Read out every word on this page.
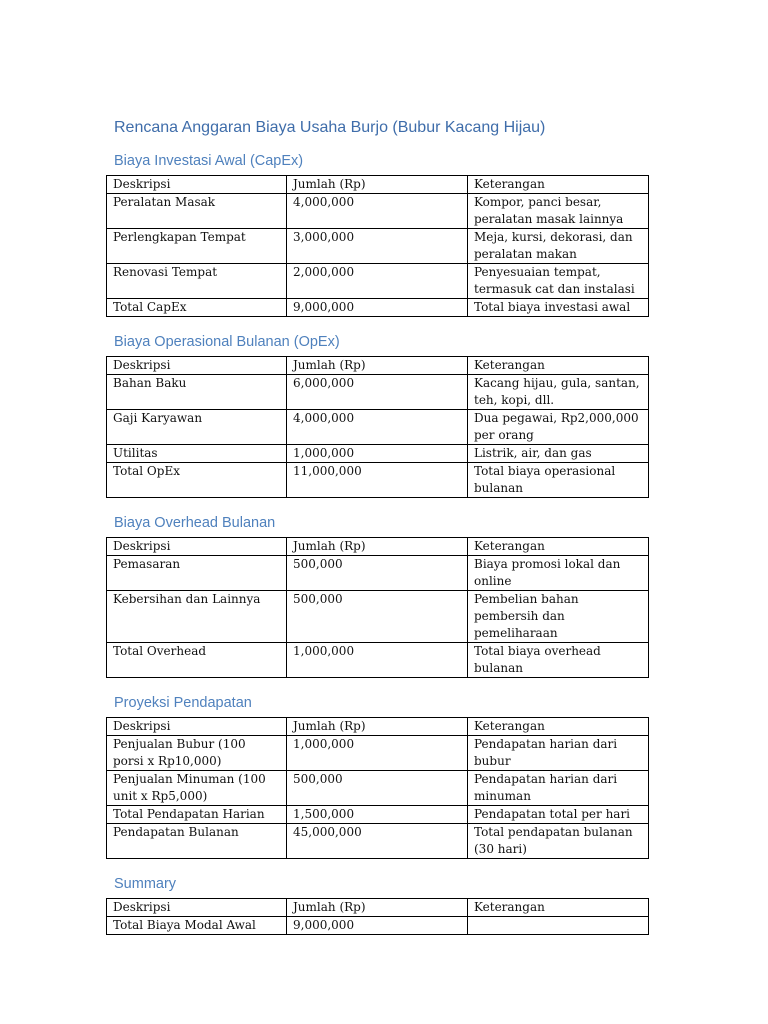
Rencana Anggaran Biaya Usaha Burjo (Bubur Kacang Hijau)
Biaya Investasi Awal (CapEx)
Deskripsi	Jumlah (Rp)	Keterangan
Peralatan Masak	4,000,000	Kompor, panci besar, peralatan masak lainnya
Perlengkapan Tempat	3,000,000	Meja, kursi, dekorasi, dan peralatan makan
Renovasi Tempat	2,000,000	Penyesuaian tempat, termasuk cat dan instalasi
Total CapEx	9,000,000	Total biaya investasi awal
Biaya Operasional Bulanan (OpEx)
Deskripsi	Jumlah (Rp)	Keterangan
Bahan Baku	6,000,000	Kacang hijau, gula, santan, teh, kopi, dll.
Gaji Karyawan	4,000,000	Dua pegawai, Rp2,000,000 per orang
Utilitas	1,000,000	Listrik, air, dan gas
Total OpEx	11,000,000	Total biaya operasional bulanan
Biaya Overhead Bulanan
Deskripsi	Jumlah (Rp)	Keterangan
Pemasaran	500,000	Biaya promosi lokal dan online
Kebersihan dan Lainnya	500,000	Pembelian bahan pembersih dan pemeliharaan
Total Overhead	1,000,000	Total biaya overhead bulanan
Proyeksi Pendapatan
Deskripsi	Jumlah (Rp)	Keterangan
Penjualan Bubur (100 porsi x Rp10,000)	1,000,000	Pendapatan harian dari bubur
Penjualan Minuman (100 unit x Rp5,000)	500,000	Pendapatan harian dari minuman
Total Pendapatan Harian	1,500,000	Pendapatan total per hari
Pendapatan Bulanan	45,000,000	Total pendapatan bulanan (30 hari)
Summary
Deskripsi	Jumlah (Rp)	Keterangan
Total Biaya Modal Awal	9,000,000	
